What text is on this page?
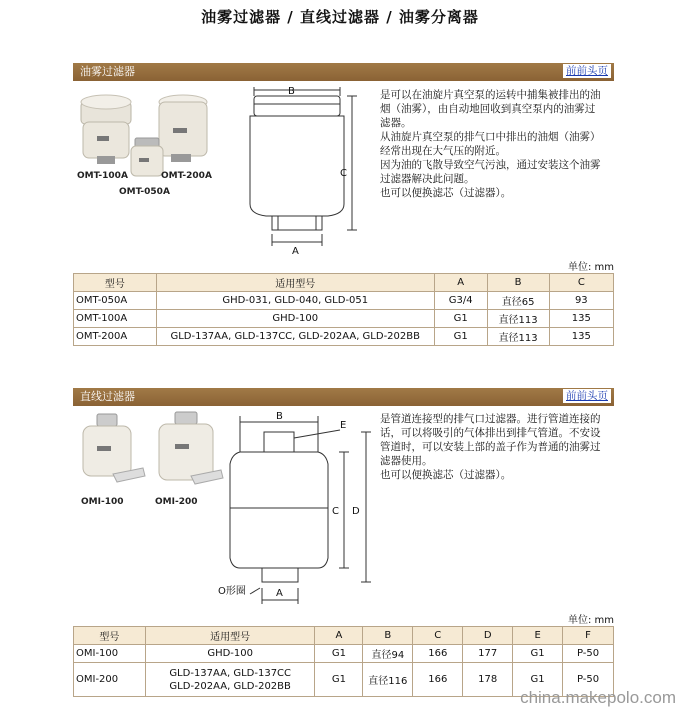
油雾过滤器 / 直线过滤器 / 油雾分离器
油雾过滤器	前前头页
OMT-100A	OMT-200A
OMT-050A
B
C
A

是可以在油旋片真空泵的运转中捕集被排出的油

烟（油雾），由自动地回收到真空泵内的油雾过

滤器。

从油旋片真空泵的排气口中排出的油烟（油雾）

经常出现在大气压的附近。

因为油的飞散导致空气污浊，通过安装这个油雾

过滤器解决此问题。

也可以便换滤芯（过滤器）。

单位: mm
型号	适用型号	A	B	C
OMT-050A	GHD-031, GLD-040, GLD-051	G3/4	直径65	93
OMT-100A	GHD-100	G1	直径113	135
OMT-200A	GLD-137AA, GLD-137CC, GLD-202AA, GLD-202BB	G1	直径113	135
直线过滤器	前前头页
OMI-100	OMI-200
B
E
C D
A
O形圈

是管道连接型的排气口过滤器。进行管道连接的

话，可以将吸引的气体排出到排气管道。不安设

管道时，可以安装上部的盖子作为普通的油雾过

滤器使用。

也可以便换滤芯（过滤器）。

单位: mm
型号	适用型号	A	B	C	D	E	F
OMI-100	GHD-100	G1	直径94	166	177	G1	P-50
OMI-200	GLD-137AA, GLD-137CC
GLD-202AA, GLD-202BB	G1	直径116	166	178	G1	P-50
china.makepolo.com
